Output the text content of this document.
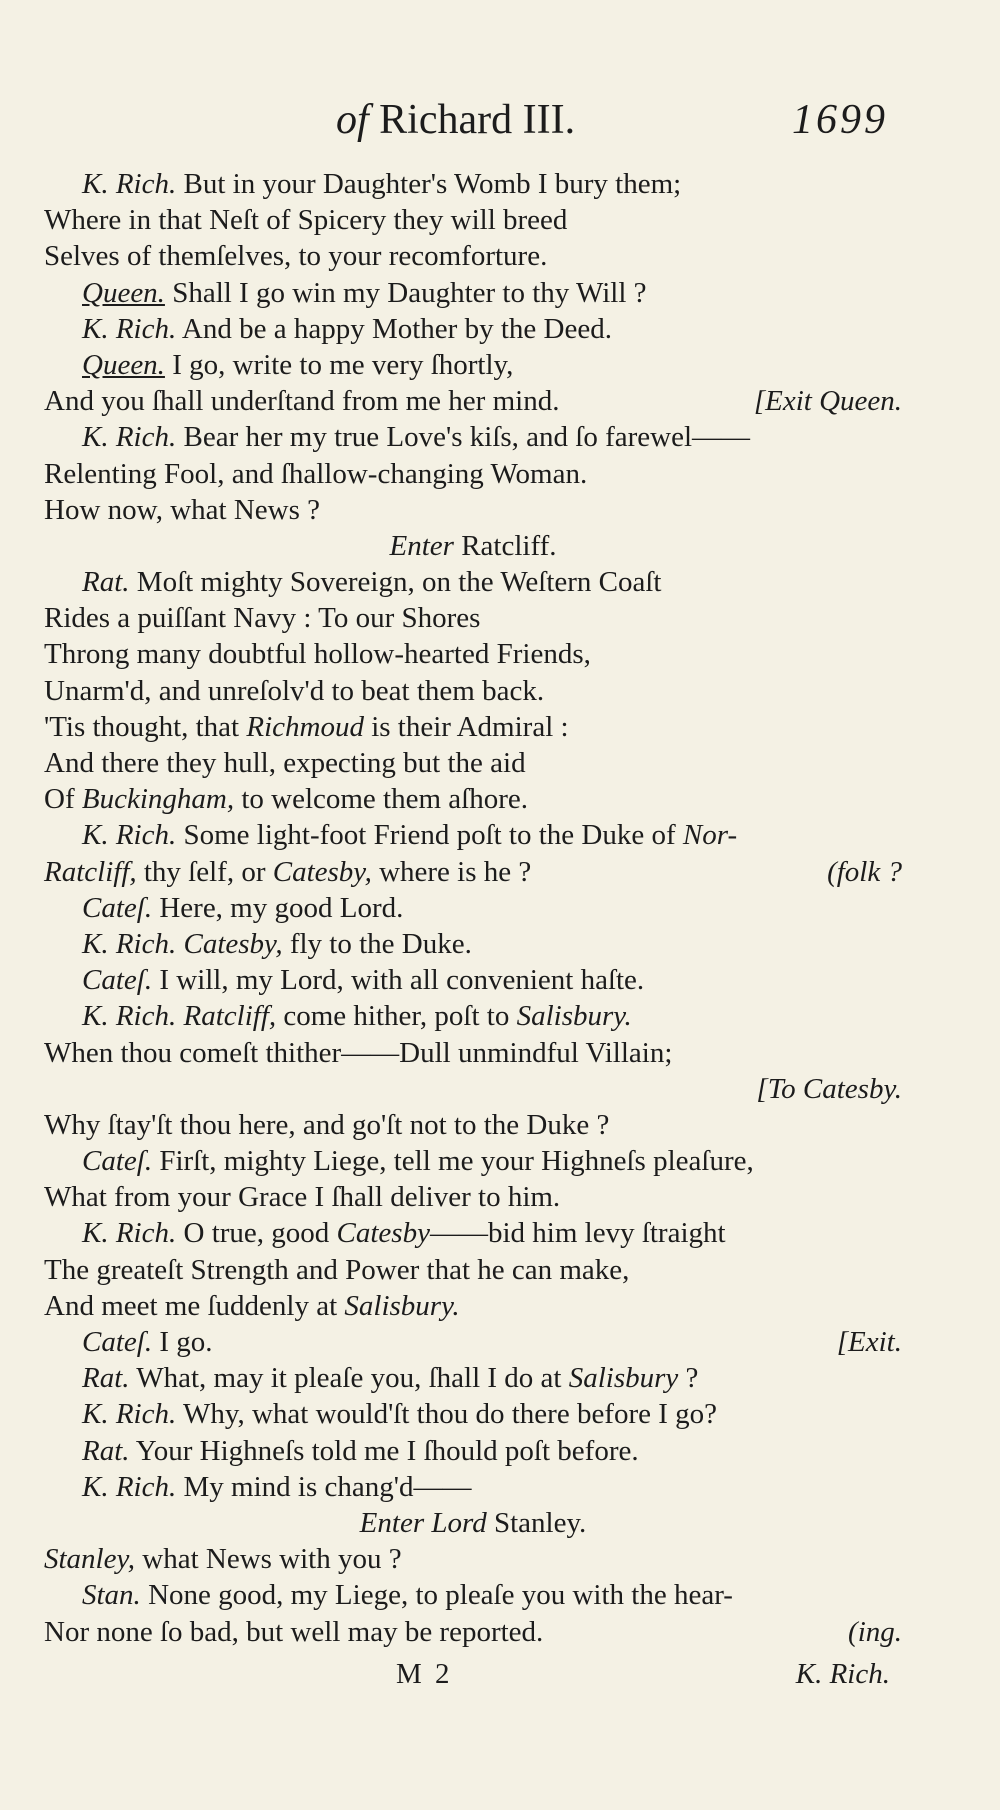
of Richard III.	1699
K. Rich. But in your Daughter's Womb I bury them;
Where in that Neſt of Spicery they will breed
Selves of themſelves, to your recomforture.
Queen. Shall I go win my Daughter to thy Will ?
K. Rich. And be a happy Mother by the Deed.
Queen. I go, write to me very ſhortly,
And you ſhall underſtand from me her mind.	[Exit Queen.
K. Rich. Bear her my true Love's kiſs, and ſo farewel——
Relenting Fool, and ſhallow-changing Woman.
How now, what News ?
Enter Ratcliff.
Rat. Moſt mighty Sovereign, on the Weſtern Coaſt
Rides a puiſſant Navy : To our Shores
Throng many doubtful hollow-hearted Friends,
Unarm'd, and unreſolv'd to beat them back.
'Tis thought, that Richmoud is their Admiral :
And there they hull, expecting but the aid
Of Buckingham, to welcome them aſhore.
K. Rich. Some light-foot Friend poſt to the Duke of Nor-
Ratcliff, thy ſelf, or Catesby, where is he ?	(folk ?
Cateſ. Here, my good Lord.
K. Rich. Catesby, fly to the Duke.
Cateſ. I will, my Lord, with all convenient haſte.
K. Rich. Ratcliff, come hither, poſt to Salisbury.
When thou comeſt thither——Dull unmindful Villain;
[To Catesby.
Why ſtay'ſt thou here, and go'ſt not to the Duke ?
Cateſ. Firſt, mighty Liege, tell me your Highneſs pleaſure,
What from your Grace I ſhall deliver to him.
K. Rich. O true, good Catesby——bid him levy ſtraight
The greateſt Strength and Power that he can make,
And meet me ſuddenly at Salisbury.
Cateſ. I go.	[Exit.
Rat. What, may it pleaſe you, ſhall I do at Salisbury ?
K. Rich. Why, what would'ſt thou do there before I go?
Rat. Your Highneſs told me I ſhould poſt before.
K. Rich. My mind is chang'd——
Enter Lord Stanley.
Stanley, what News with you ?
Stan. None good, my Liege, to pleaſe you with the hear-
Nor none ſo bad, but well may be reported.	(ing.
M 2	K. Rich.
